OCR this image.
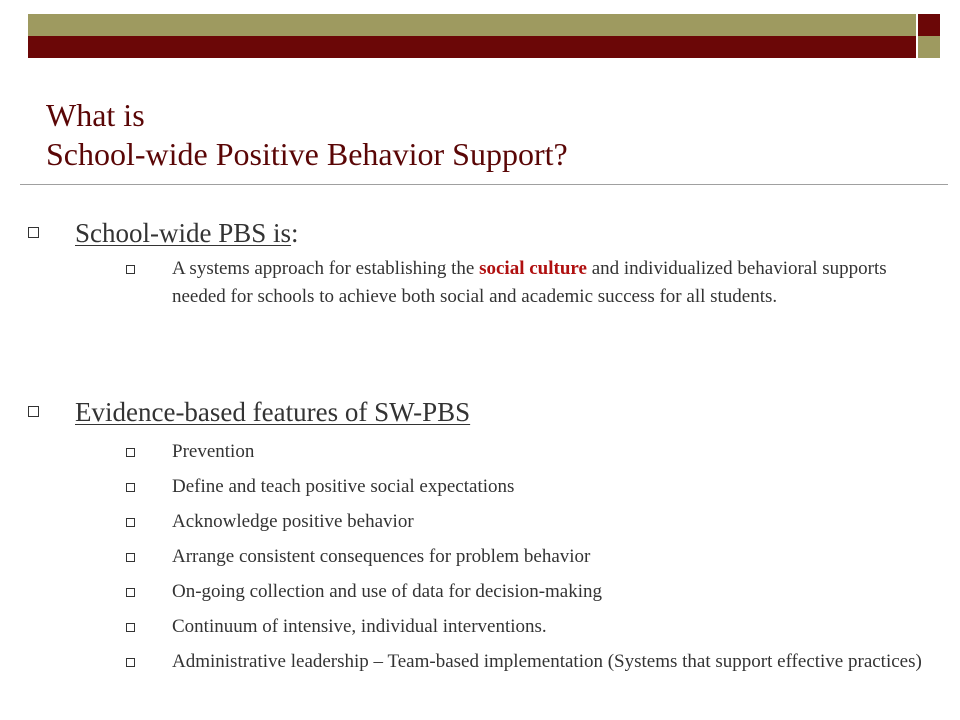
What is
School-wide Positive Behavior Support?
School-wide PBS is:
A systems approach for establishing the social culture and individualized behavioral supports needed for schools to achieve both social and academic success for all students.
Evidence-based features of SW-PBS
Prevention
Define and teach positive social expectations
Acknowledge positive behavior
Arrange consistent consequences for problem behavior
On-going collection and use of data for decision-making
Continuum of intensive, individual interventions.
Administrative leadership – Team-based implementation (Systems that support effective practices)
